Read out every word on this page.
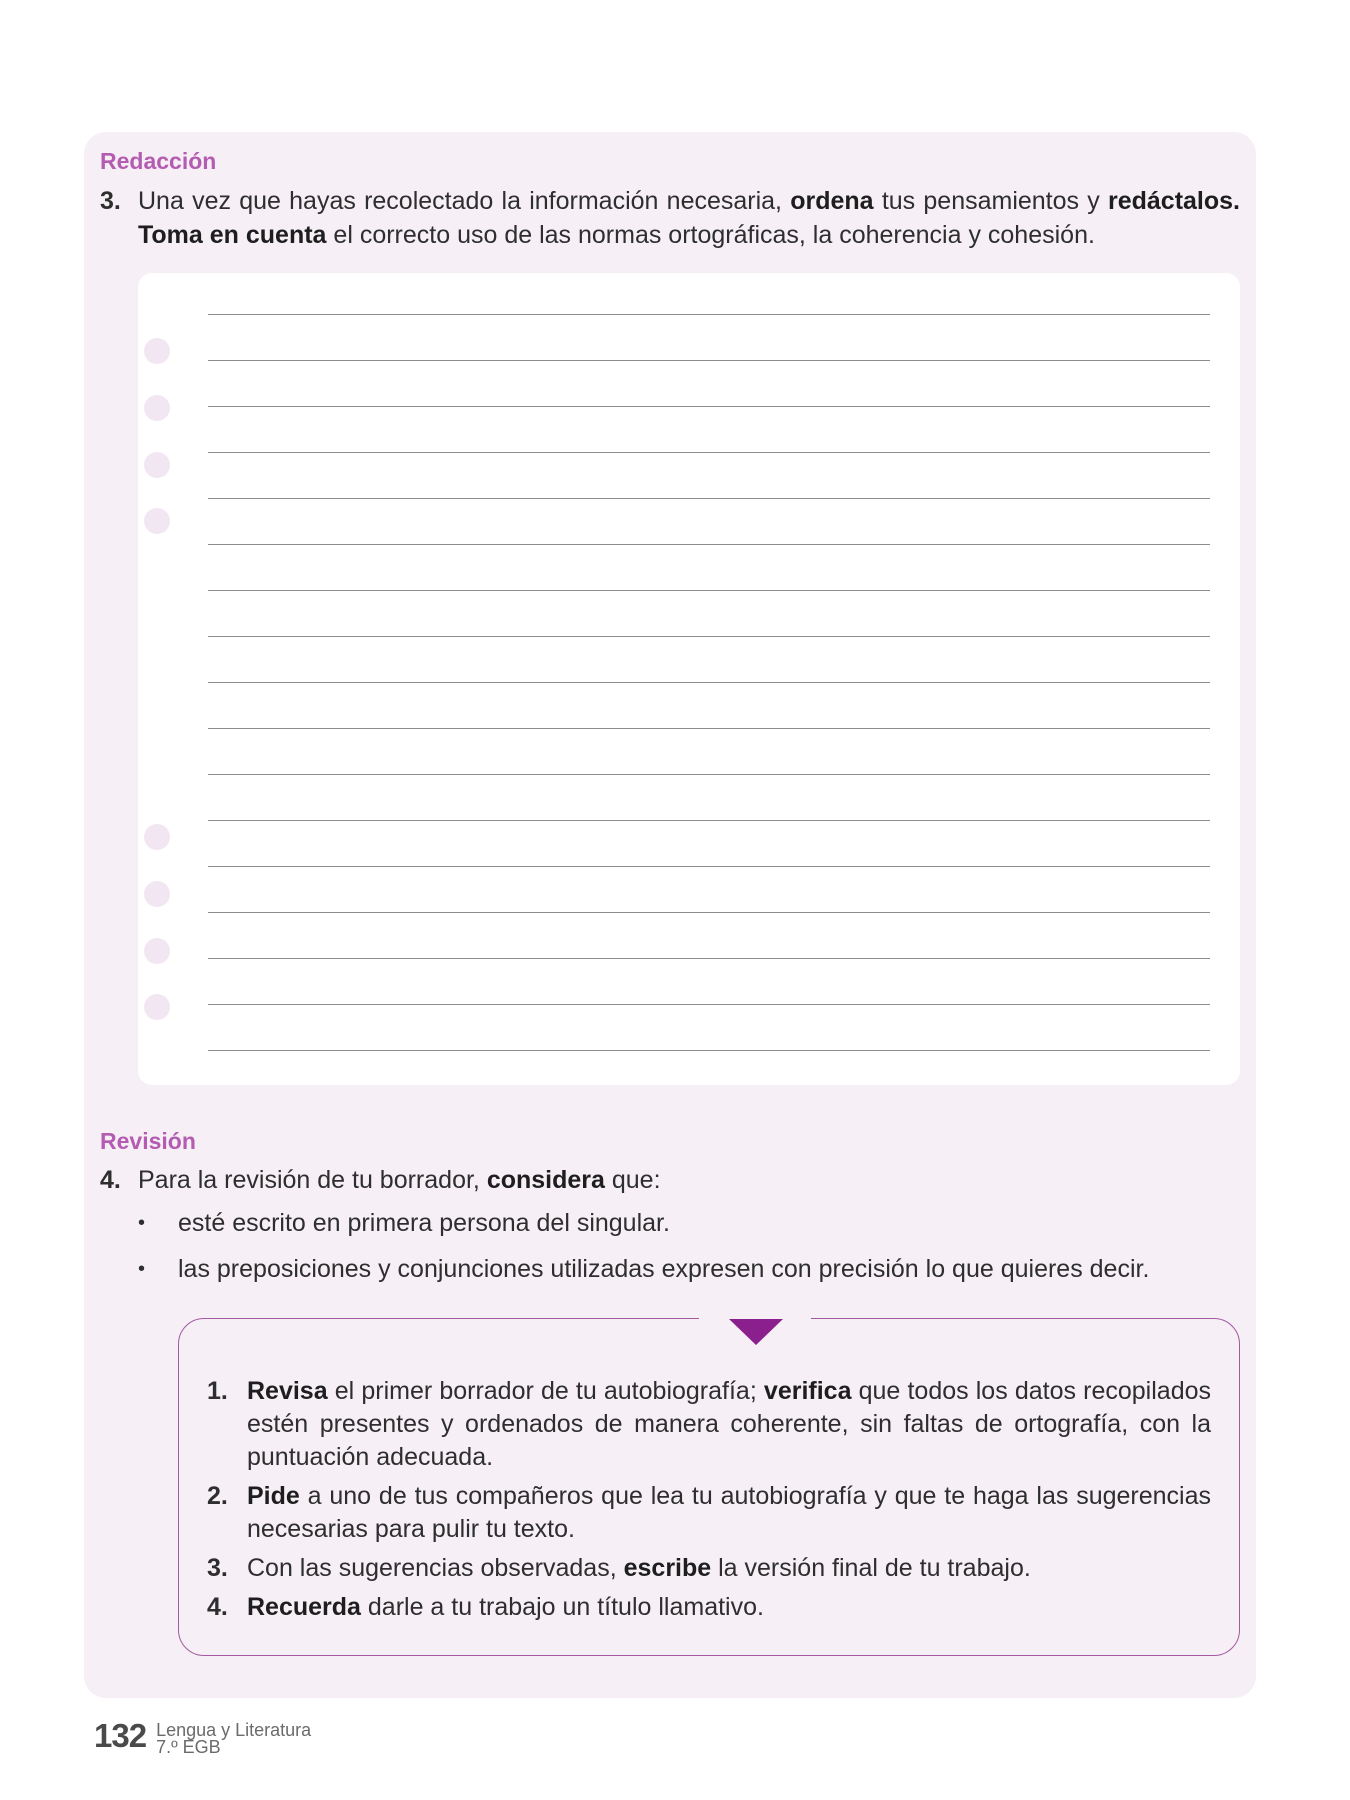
Redacción
3. Una vez que hayas recolectado la información necesaria, ordena tus pensamientos y redáctalos. Toma en cuenta el correcto uso de las normas ortográficas, la coherencia y cohesión.
Revisión
4. Para la revisión de tu borrador, considera que:
• esté escrito en primera persona del singular.
• las preposiciones y conjunciones utilizadas expresen con precisión lo que quieres decir.
1. Revisa el primer borrador de tu autobiografía; verifica que todos los datos recopilados estén presentes y ordenados de manera coherente, sin faltas de ortografía, con la puntuación adecuada.
2. Pide a uno de tus compañeros que lea tu autobiografía y que te haga las sugerencias necesarias para pulir tu texto.
3. Con las sugerencias observadas, escribe la versión final de tu trabajo.
4. Recuerda darle a tu trabajo un título llamativo.
132 Lengua y Literatura
7.º EGB
